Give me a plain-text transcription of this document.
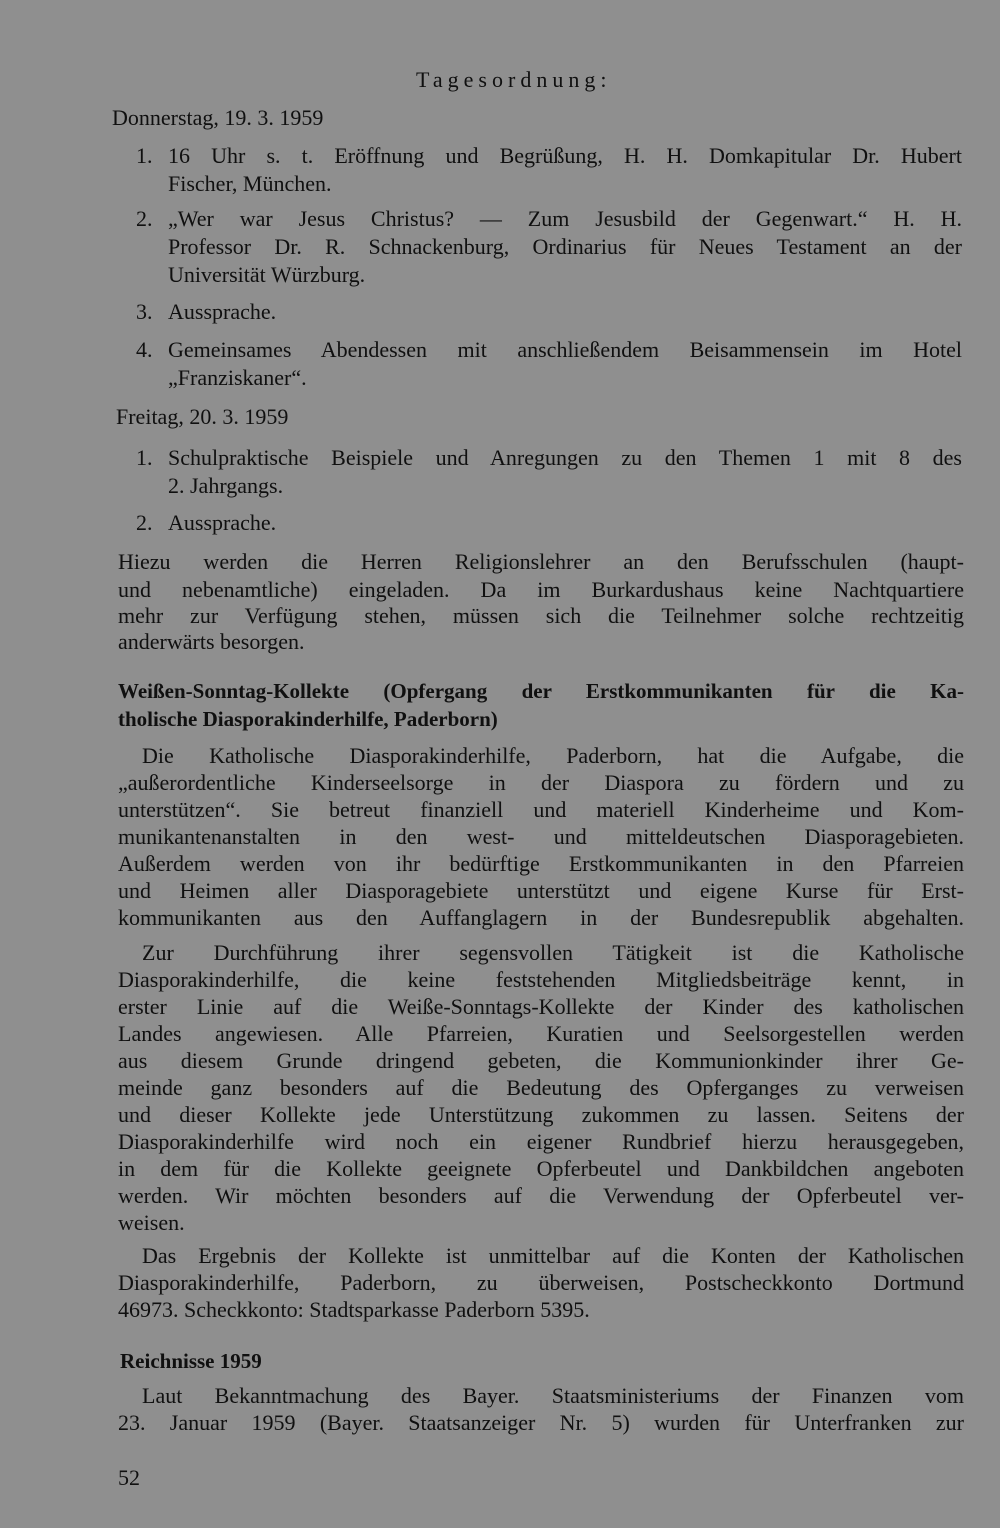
Tagesordnung:

Donnerstag, 19. 3. 1959

1. 16 Uhr s. t. Eröffnung und Begrüßung, H. H. Domkapitular Dr. Hubert

Fischer, München.

2. „Wer war Jesus Christus? — Zum Jesusbild der Gegenwart.“ H. H.

Professor Dr. R. Schnackenburg, Ordinarius für Neues Testament an der

Universität Würzburg.

3. Aussprache.

4. Gemeinsames Abendessen mit anschließendem Beisammensein im Hotel

„Franziskaner“.

Freitag, 20. 3. 1959

1. Schulpraktische Beispiele und Anregungen zu den Themen 1 mit 8 des

2. Jahrgangs.

2. Aussprache.

Hiezu werden die Herren Religionslehrer an den Berufsschulen (haupt-

und nebenamtliche) eingeladen. Da im Burkardushaus keine Nachtquartiere

mehr zur Verfügung stehen, müssen sich die Teilnehmer solche rechtzeitig

anderwärts besorgen.

Weißen-Sonntag-Kollekte (Opfergang der Erstkommunikanten für die Ka-

tholische Diasporakinderhilfe, Paderborn)

Die Katholische Diasporakinderhilfe, Paderborn, hat die Aufgabe, die

„außerordentliche Kinderseelsorge in der Diaspora zu fördern und zu

unterstützen“. Sie betreut finanziell und materiell Kinderheime und Kom-

munikantenanstalten in den west- und mitteldeutschen Diasporagebieten.

Außerdem werden von ihr bedürftige Erstkommunikanten in den Pfarreien

und Heimen aller Diasporagebiete unterstützt und eigene Kurse für Erst-

kommunikanten aus den Auffanglagern in der Bundesrepublik abgehalten.

Zur Durchführung ihrer segensvollen Tätigkeit ist die Katholische

Diasporakinderhilfe, die keine feststehenden Mitgliedsbeiträge kennt, in

erster Linie auf die Weiße-Sonntags-Kollekte der Kinder des katholischen

Landes angewiesen. Alle Pfarreien, Kuratien und Seelsorgestellen werden

aus diesem Grunde dringend gebeten, die Kommunionkinder ihrer Ge-

meinde ganz besonders auf die Bedeutung des Opferganges zu verweisen

und dieser Kollekte jede Unterstützung zukommen zu lassen. Seitens der

Diasporakinderhilfe wird noch ein eigener Rundbrief hierzu herausgegeben,

in dem für die Kollekte geeignete Opferbeutel und Dankbildchen angeboten

werden. Wir möchten besonders auf die Verwendung der Opferbeutel ver-

weisen.

Das Ergebnis der Kollekte ist unmittelbar auf die Konten der Katholischen

Diasporakinderhilfe, Paderborn, zu überweisen, Postscheckkonto Dortmund

46973. Scheckkonto: Stadtsparkasse Paderborn 5395.

Reichnisse 1959

Laut Bekanntmachung des Bayer. Staatsministeriums der Finanzen vom

23. Januar 1959 (Bayer. Staatsanzeiger Nr. 5) wurden für Unterfranken zur

52
